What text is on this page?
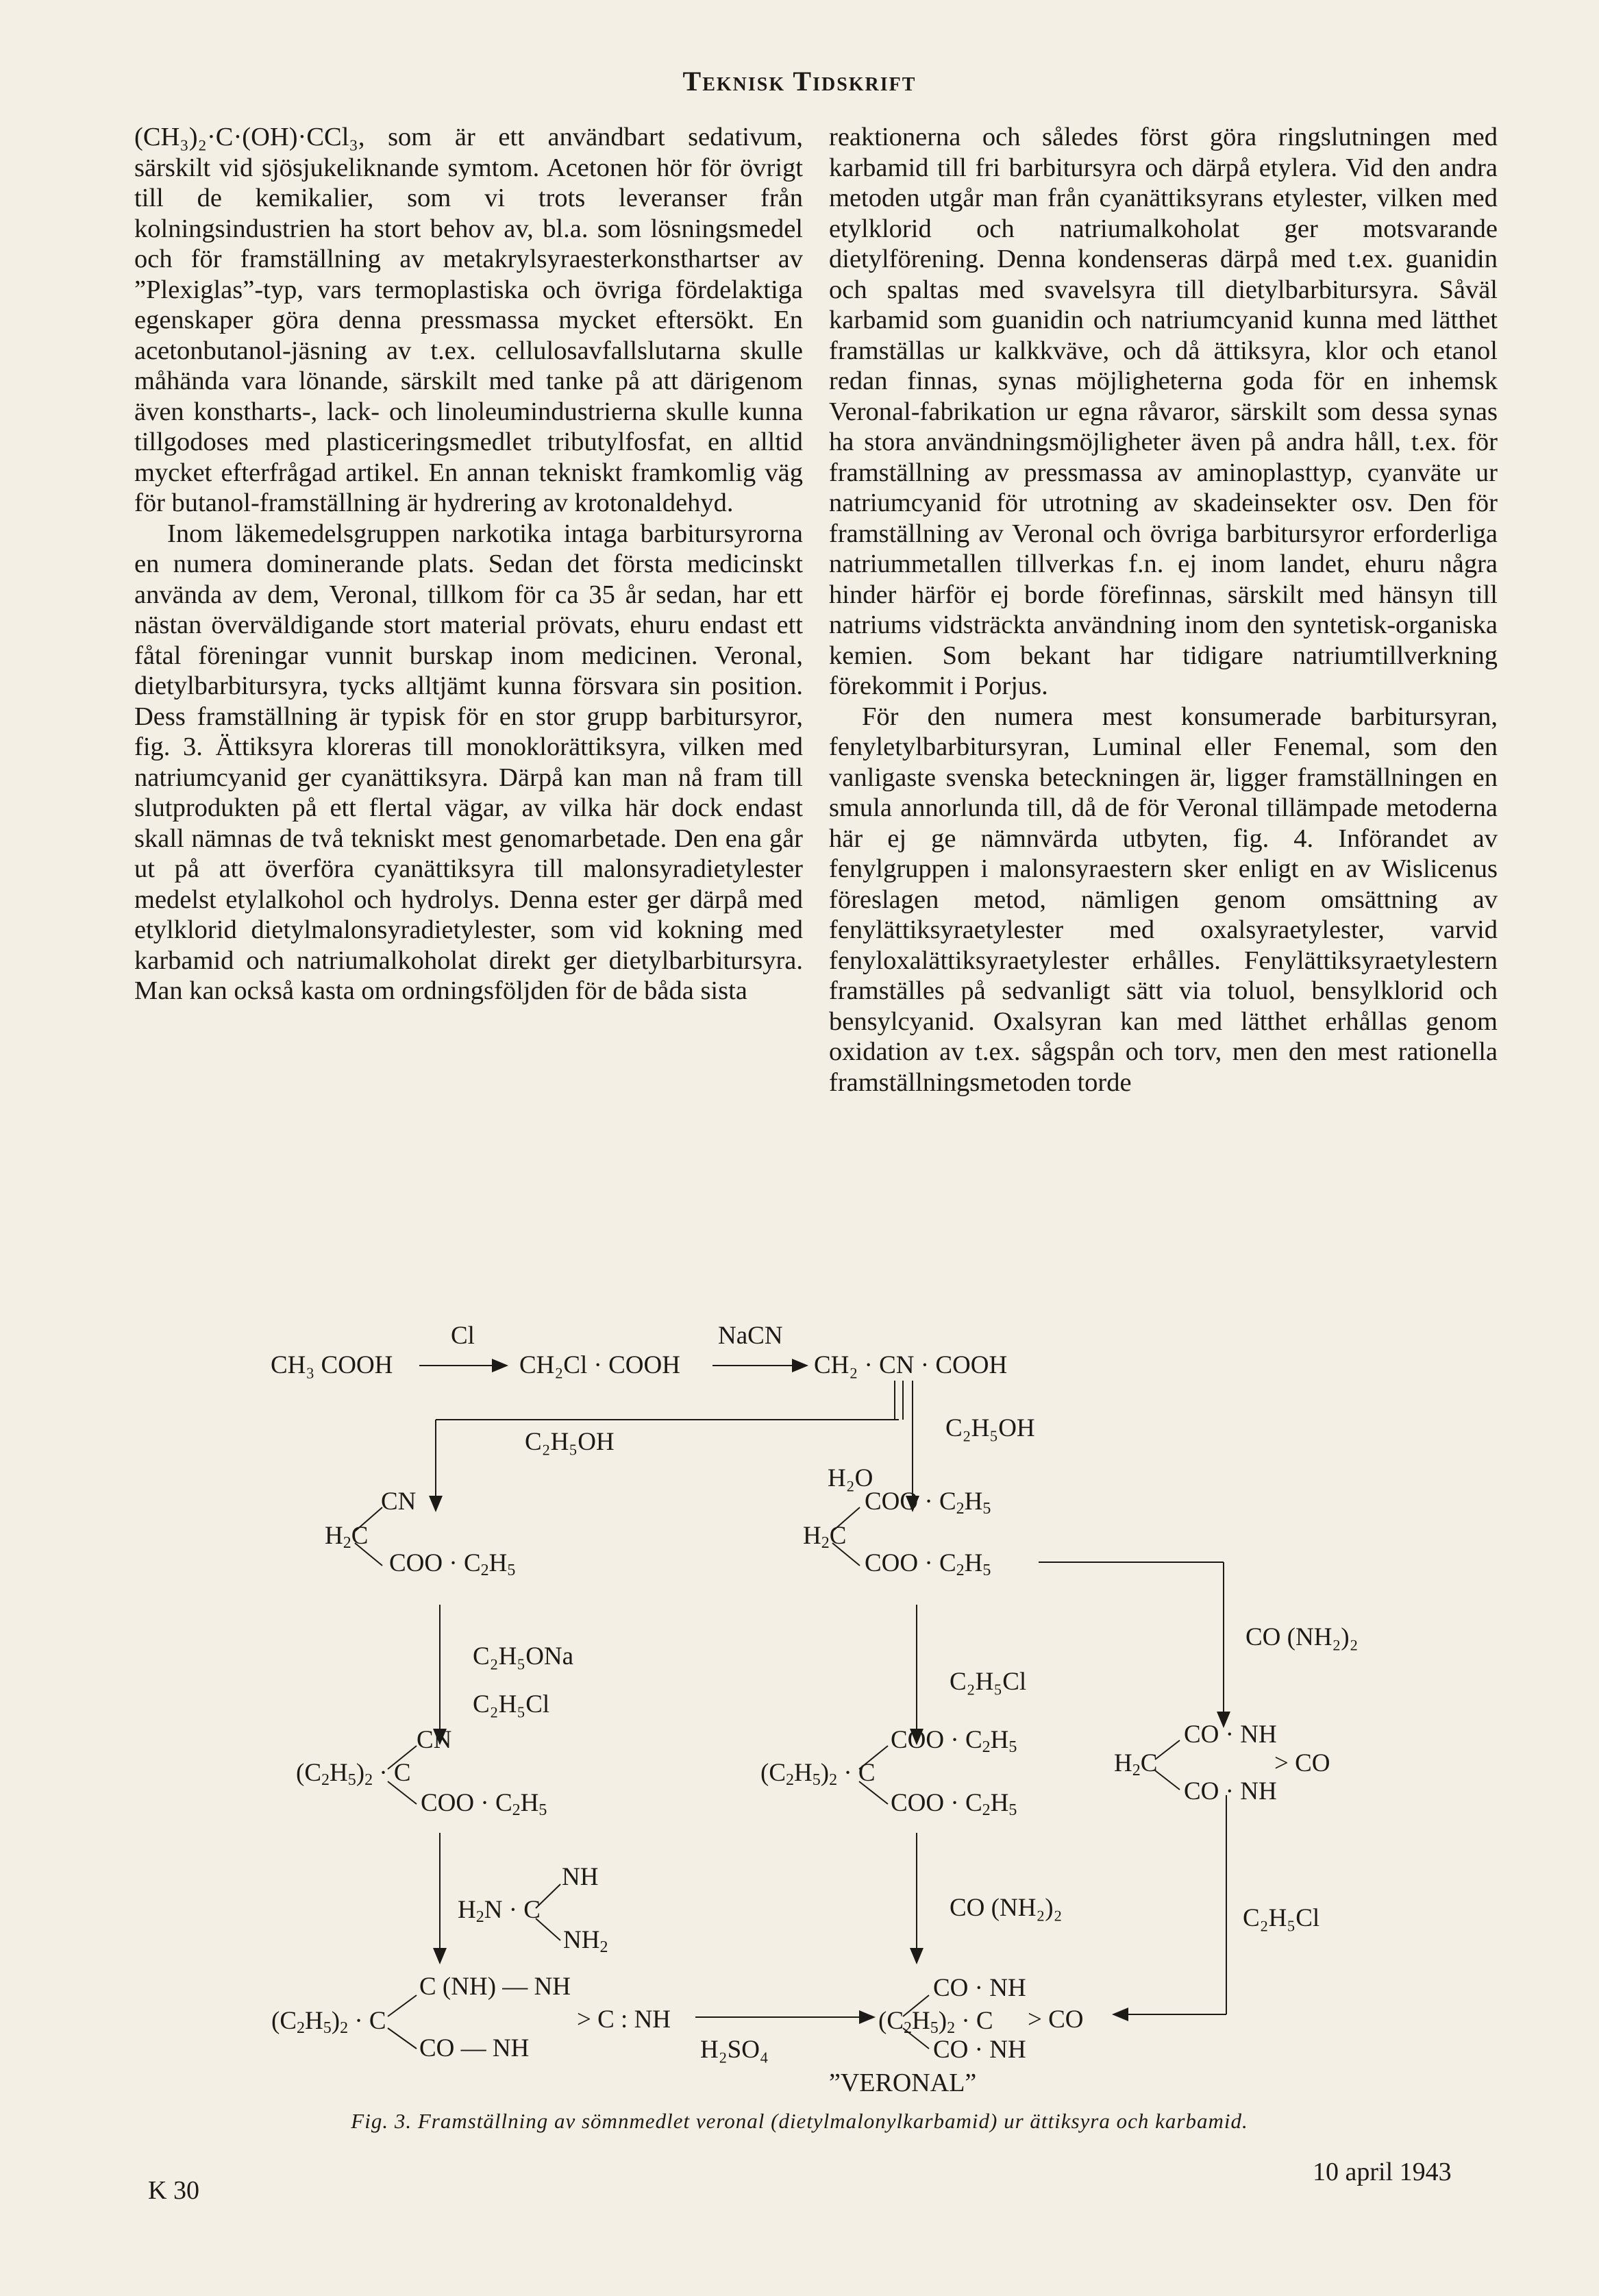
Teknisk Tidskrift

(CH₃)₂·C·(OH)·CCl₃, som är ett användbart sedativum, särskilt vid sjösjukeliknande symtom. Acetonen hör för övrigt till de kemikalier, som vi trots leveranser från kolningsindustrien ha stort behov av, bl.a. som lösningsmedel och för framställning av metakrylsyraesterkonsthartser av ”Plexiglas”-typ, vars termoplastiska och övriga fördelaktiga egenskaper göra denna pressmassa mycket eftersökt. En acetonbutanol-jäsning av t.ex. cellulosavfallslutarna skulle måhända vara lönande, särskilt med tanke på att därigenom även konstharts-, lack- och linoleumindustrierna skulle kunna tillgodoses med plasticeringsmedlet tributylfosfat, en alltid mycket efterfrågad artikel. En annan tekniskt framkomlig väg för butanol-framställning är hydrering av krotonaldehyd.

Inom läkemedelsgruppen narkotika intaga barbitursyrorna en numera dominerande plats. Sedan det första medicinskt använda av dem, Veronal, tillkom för ca 35 år sedan, har ett nästan överväldigande stort material prövats, ehuru endast ett fåtal föreningar vunnit burskap inom medicinen. Veronal, dietylbarbitursyra, tycks alltjämt kunna försvara sin position. Dess framställning är typisk för en stor grupp barbitursyror, fig. 3. Ättiksyra kloreras till monoklorättiksyra, vilken med natriumcyanid ger cyanättiksyra. Därpå kan man nå fram till slutprodukten på ett flertal vägar, av vilka här dock endast skall nämnas de två tekniskt mest genomarbetade. Den ena går ut på att överföra cyanättiksyra till malonsyradietylester medelst etylalkohol och hydrolys. Denna ester ger därpå med etylklorid dietylmalonsyradietylester, som vid kokning med karbamid och natriumalkoholat direkt ger dietylbarbitursyra. Man kan också kasta om ordningsföljden för de båda sista

reaktionerna och således först göra ringslutningen med karbamid till fri barbitursyra och därpå etylera. Vid den andra metoden utgår man från cyanättiksyrans etylester, vilken med etylklorid och natriumalkoholat ger motsvarande dietylförening. Denna kondenseras därpå med t.ex. guanidin och spaltas med svavelsyra till dietylbarbitursyra. Såväl karbamid som guanidin och natriumcyanid kunna med lätthet framställas ur kalkkväve, och då ättiksyra, klor och etanol redan finnas, synas möjligheterna goda för en inhemsk Veronal-fabrikation ur egna råvaror, särskilt som dessa synas ha stora användningsmöjligheter även på andra håll, t.ex. för framställning av pressmassa av aminoplasttyp, cyanväte ur natriumcyanid för utrotning av skadeinsekter osv. Den för framställning av Veronal och övriga barbitursyror erforderliga natriummetallen tillverkas f.n. ej inom landet, ehuru några hinder härför ej borde förefinnas, särskilt med hänsyn till natriums vidsträckta användning inom den syntetisk-organiska kemien. Som bekant har tidigare natriumtillverkning förekommit i Porjus.

För den numera mest konsumerade barbitursyran, fenyletylbarbitursyran, Luminal eller Fenemal, som den vanligaste svenska beteckningen är, ligger framställningen en smula annorlunda till, då de för Veronal tillämpade metoderna här ej ge nämnvärda utbyten, fig. 4. Införandet av fenylgruppen i malonsyraestern sker enligt en av Wislicenus föreslagen metod, nämligen genom omsättning av fenylättiksyraetylester med oxalsyraetylester, varvid fenyloxalättiksyraetylester erhålles. Fenylättiksyraetylestern framställes på sedvanligt sätt via toluol, bensylklorid och bensylcyanid. Oxalsyran kan med lätthet erhållas genom oxidation av t.ex. sågspån och torv, men den mest rationella framställningsmetoden torde

Cl	NaCN
CH₃ COOH	CH₂Cl · COOH	CH₂ · CN · COOH
C₂H₅OH	C₂H₅OH
H₂O
CN
$H_2C$
COO · $C_2H_5$
COO · $C_2H_5$
$H_2C$
COO · $C_2H_5$
CO (NH₂)₂
C₂H₅ONa
C₂H₅Cl
C₂H₅Cl
CN
$(C_2H_5)_2 \cdot C$
COO · $C_2H_5$
COO · $C_2H_5$
$(C_2H_5)_2 \cdot C$
COO · $C_2H_5$
CO · NH
$H_2C$	> CO
CO · NH
NH
$H_2N \cdot C$
$NH_2$
CO (NH₂)₂	C₂H₅Cl
C (NH) — NH
$(C_2H_5)_2 \cdot C$	> C : NH
CO — NH	H₂SO₄
CO · NH
$(C_2H_5)_2 \cdot C$ > CO
CO · NH
”VERONAL”
Fig. 3. Framställning av sömnmedlet veronal (dietylmalonylkarbamid) ur ättiksyra och karbamid.
K 30
10 april 1943
